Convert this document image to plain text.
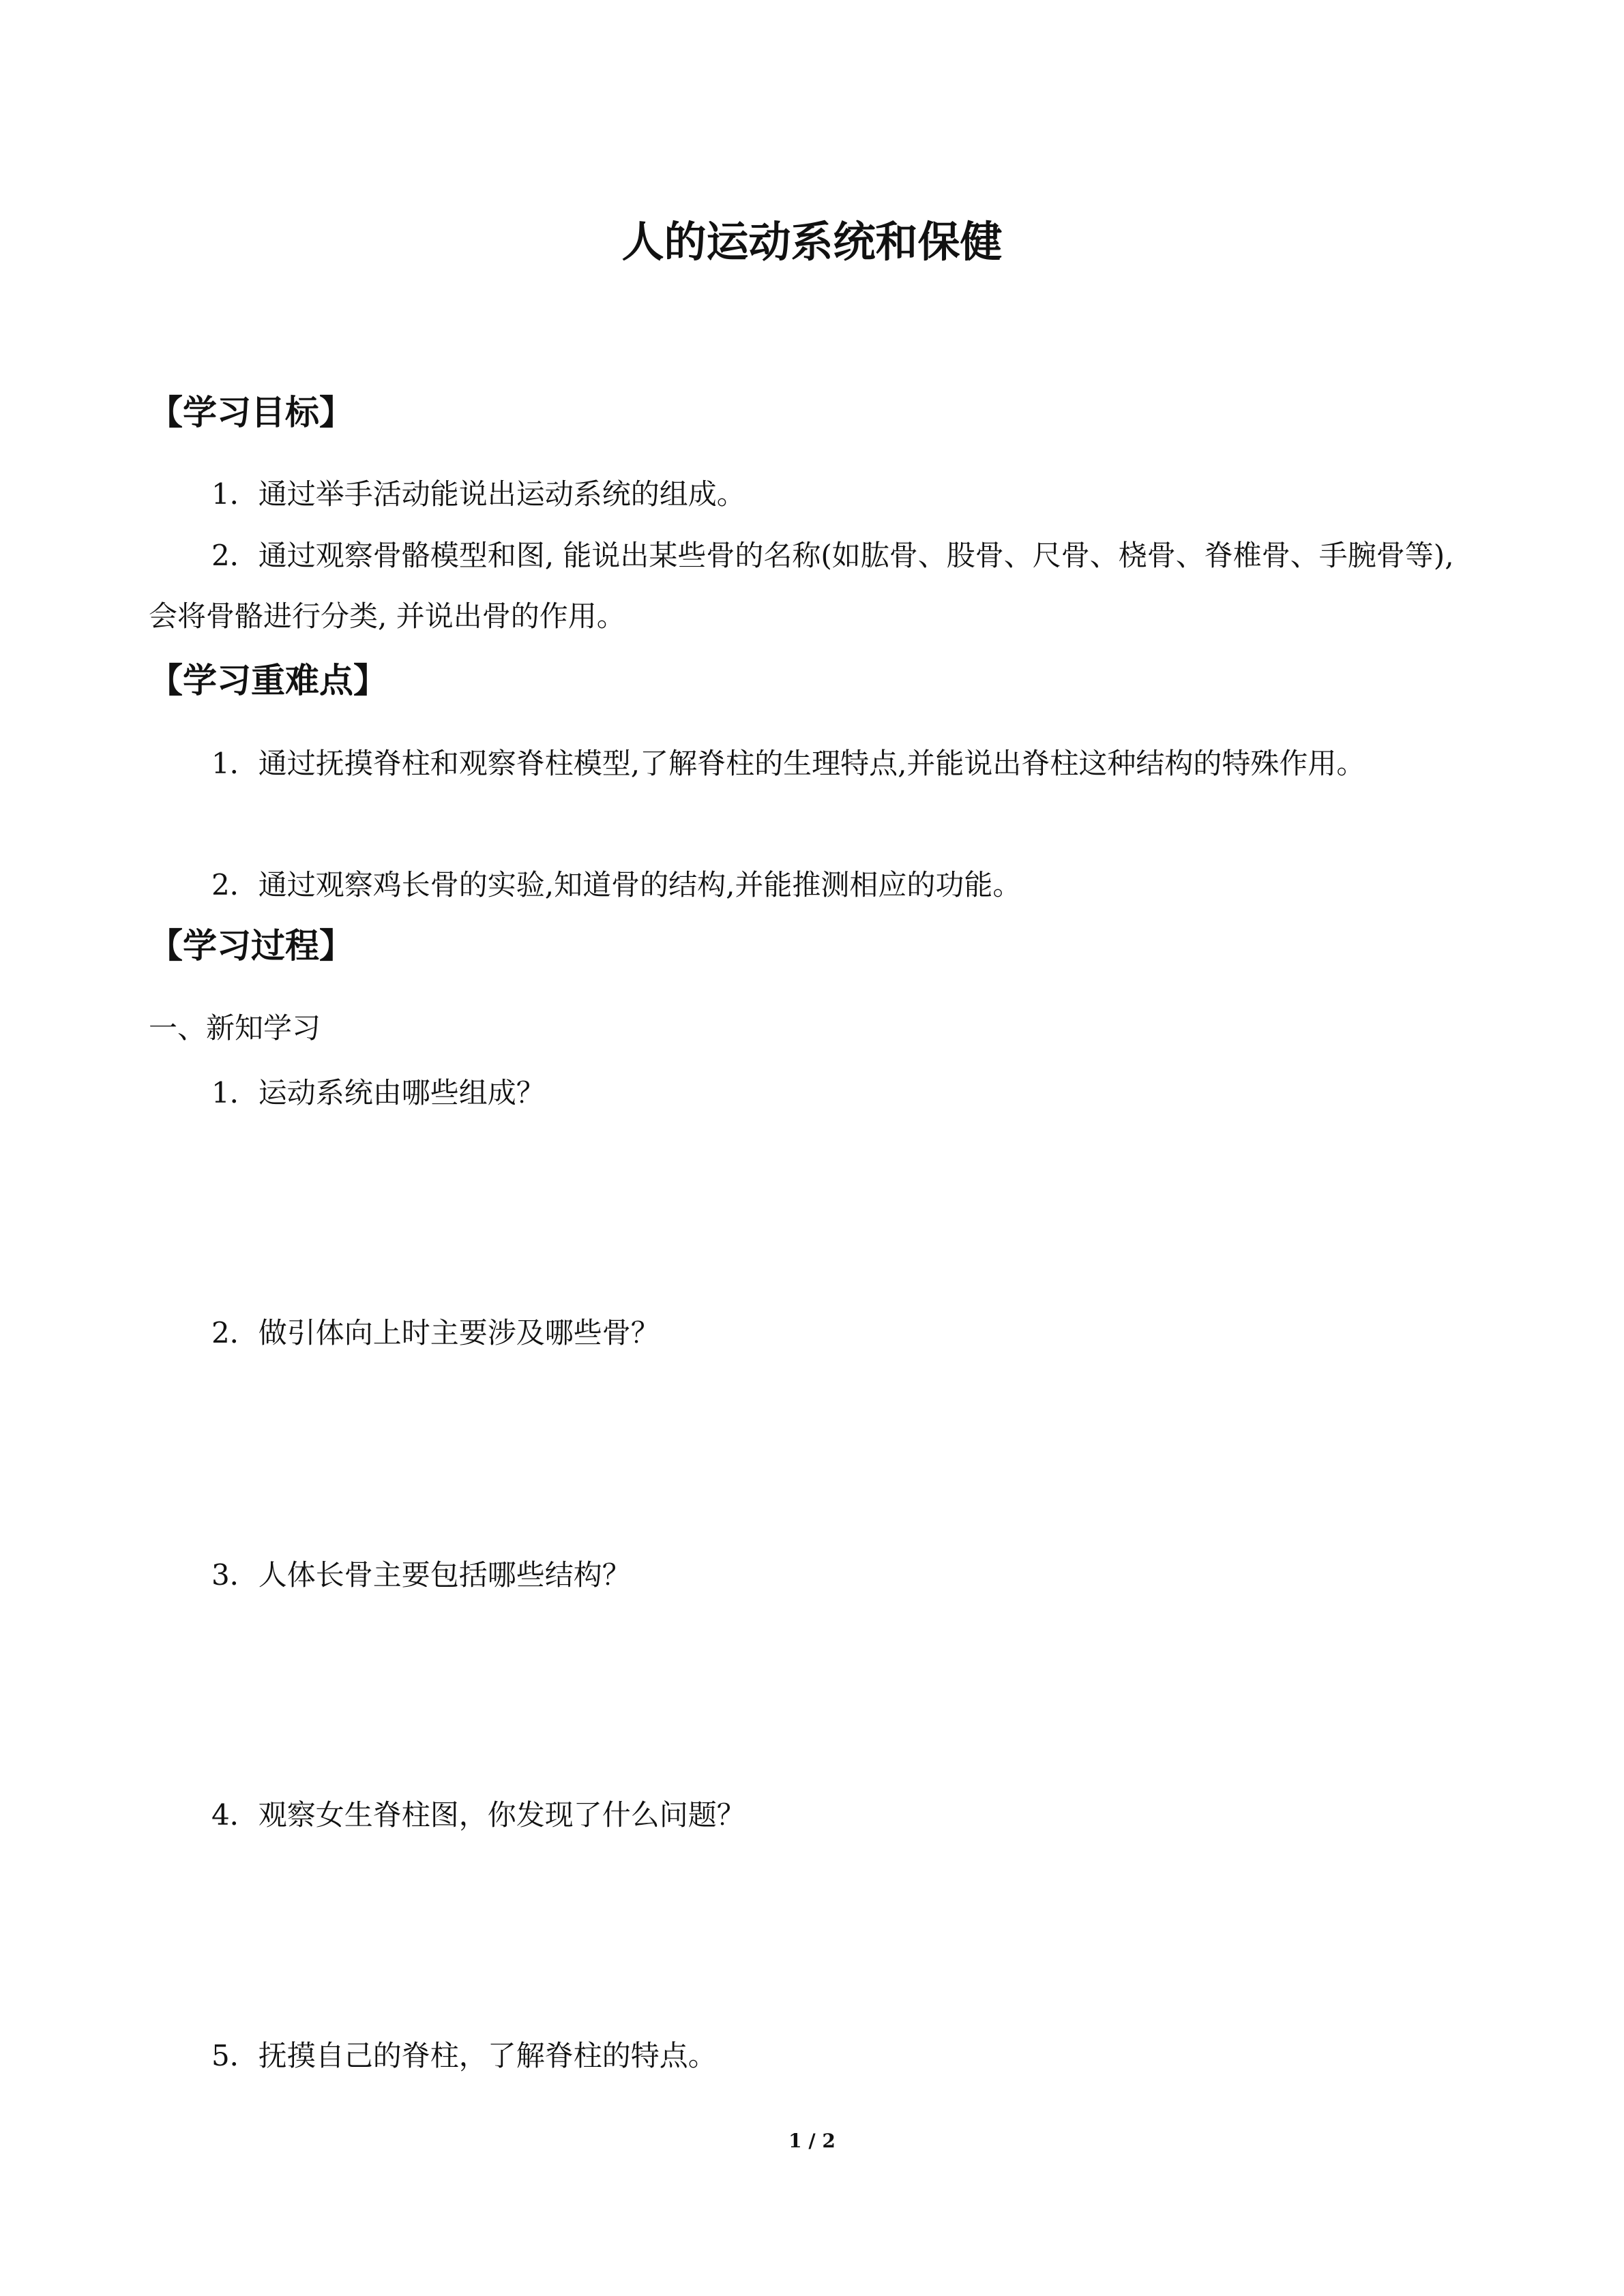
人的运动系统和保健
【学习目标】

1．通过举手活动能说出运动系统的组成。

2．通过观察骨骼模型和图, 能说出某些骨的名称(如肱骨、股骨、尺骨、桡骨、脊椎骨、手腕骨等), 会将骨骼进行分类, 并说出骨的作用。

【学习重难点】

1．通过抚摸脊柱和观察脊柱模型,了解脊柱的生理特点,并能说出脊柱这种结构的特殊作用。

2．通过观察鸡长骨的实验,知道骨的结构,并能推测相应的功能。

【学习过程】

一、新知学习

1．运动系统由哪些组成？

2．做引体向上时主要涉及哪些骨？

3．人体长骨主要包括哪些结构？

4．观察女生脊柱图，你发现了什么问题？

5．抚摸自己的脊柱，了解脊柱的特点。

1 / 2
